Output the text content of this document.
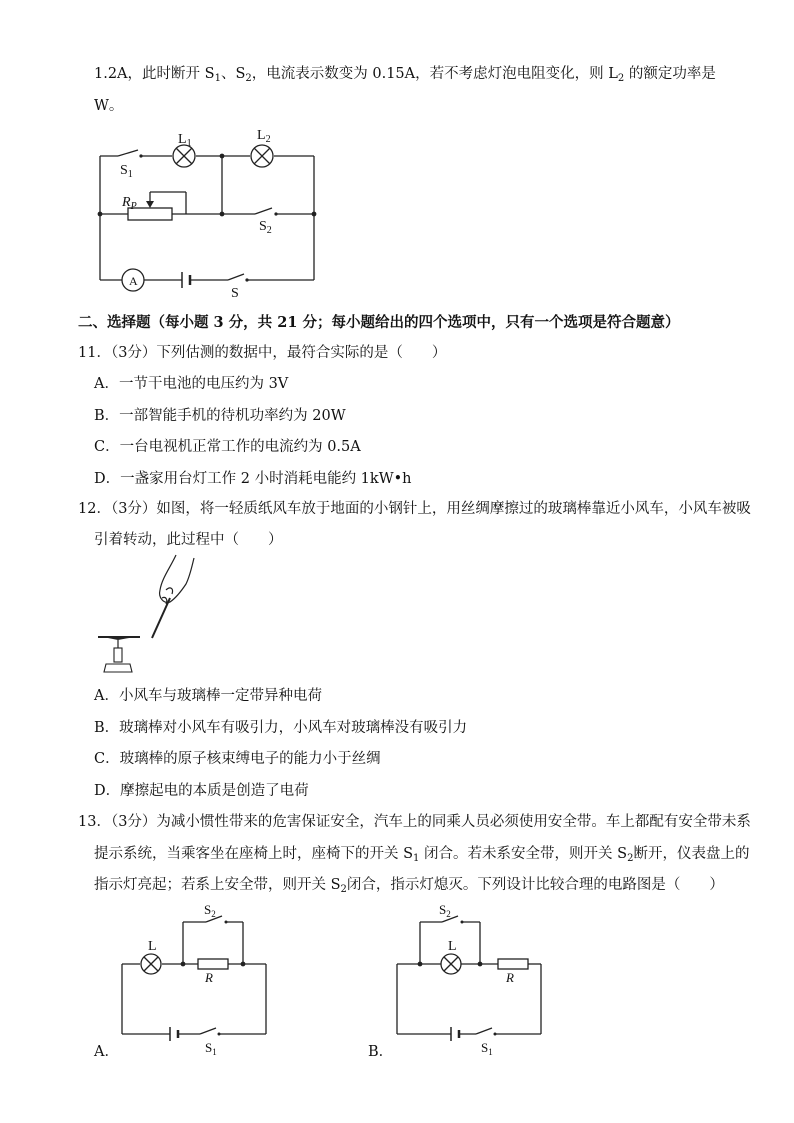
1.2A，此时断开 $S_1$、$S_2$，电流表示数变为 0.15A，若不考虑灯泡电阻变化，则 $L_2$ 的额定功率是
W。
$L_1$
$L_2$
$S_1$
$R_P$
$S_2$
A
S
二、选择题（每小题 3 分，共 21 分；每小题给出的四个选项中，只有一个选项是符合题意）
11．（3分）下列估测的数据中，最符合实际的是（　　）
A．一节干电池的电压约为 3V
B．一部智能手机的待机功率约为 20W
C．一台电视机正常工作的电流约为 0.5A
D．一盏家用台灯工作 2 小时消耗电能约 1kW•h
12．（3分）如图，将一轻质纸风车放于地面的小钢针上，用丝绸摩擦过的玻璃棒靠近小风车，小风车被吸
引着转动，此过程中（　　）
A．小风车与玻璃棒一定带异种电荷
B．玻璃棒对小风车有吸引力，小风车对玻璃棒没有吸引力
C．玻璃棒的原子核束缚电子的能力小于丝绸
D．摩擦起电的本质是创造了电荷
13．（3分）为减小惯性带来的危害保证安全，汽车上的同乘人员必须使用安全带。车上都配有安全带未系
提示系统，当乘客坐在座椅上时，座椅下的开关 $S_1$ 闭合。若未系安全带，则开关 $S_2$断开，仪表盘上的
指示灯亮起；若系上安全带，则开关 $S_2$闭合，指示灯熄灭。下列设计比较合理的电路图是（　　）
L
R
$S_2$
$S_1$
L
R
$S_2$
$S_1$
A．	B．
